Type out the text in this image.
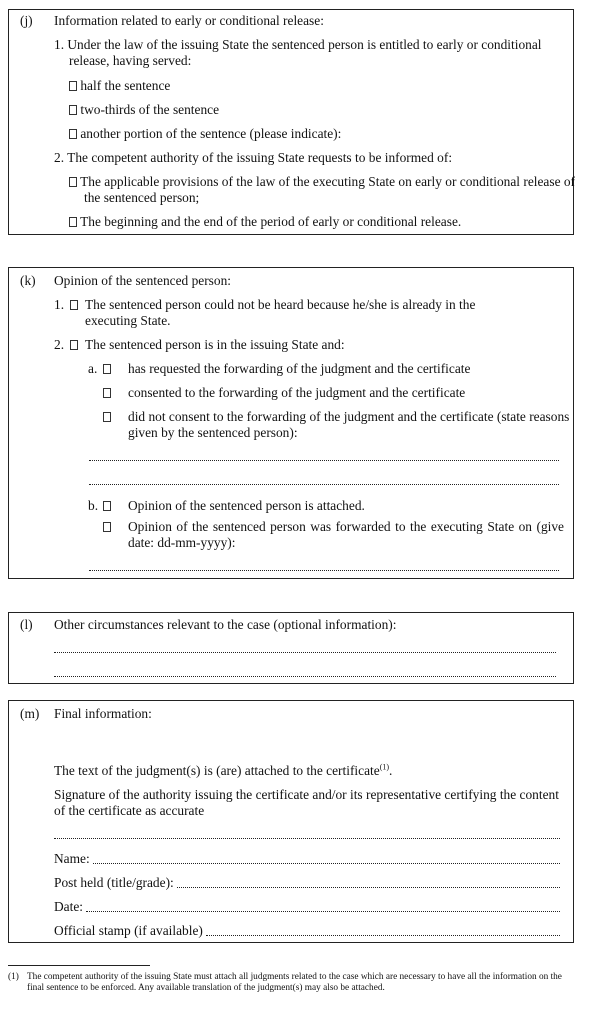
(j) Information related to early or conditional release:
1. Under the law of the issuing State the sentenced person is entitled to early or conditional release, having served:
half the sentence
two-thirds of the sentence
another portion of the sentence (please indicate):
2. The competent authority of the issuing State requests to be informed of:
The applicable provisions of the law of the executing State on early or conditional release of the sentenced person;
The beginning and the end of the period of early or conditional release.
(k) Opinion of the sentenced person:
1. The sentenced person could not be heard because he/she is already in the executing State.
2. The sentenced person is in the issuing State and:
a. has requested the forwarding of the judgment and the certificate
consented to the forwarding of the judgment and the certificate
did not consent to the forwarding of the judgment and the certificate (state reasons given by the sentenced person):
b. Opinion of the sentenced person is attached.
Opinion of the sentenced person was forwarded to the executing State on (give date: dd-mm-yyyy):
(l) Other circumstances relevant to the case (optional information):
(m) Final information:
The text of the judgment(s) is (are) attached to the certificate$^{(1)}$.
Signature of the authority issuing the certificate and/or its representative certifying the content of the certificate as accurate
Name:
Post held (title/grade):
Date:
Official stamp (if available)
(1) The competent authority of the issuing State must attach all judgments related to the case which are necessary to have all the information on the final sentence to be enforced. Any available translation of the judgment(s) may also be attached.
